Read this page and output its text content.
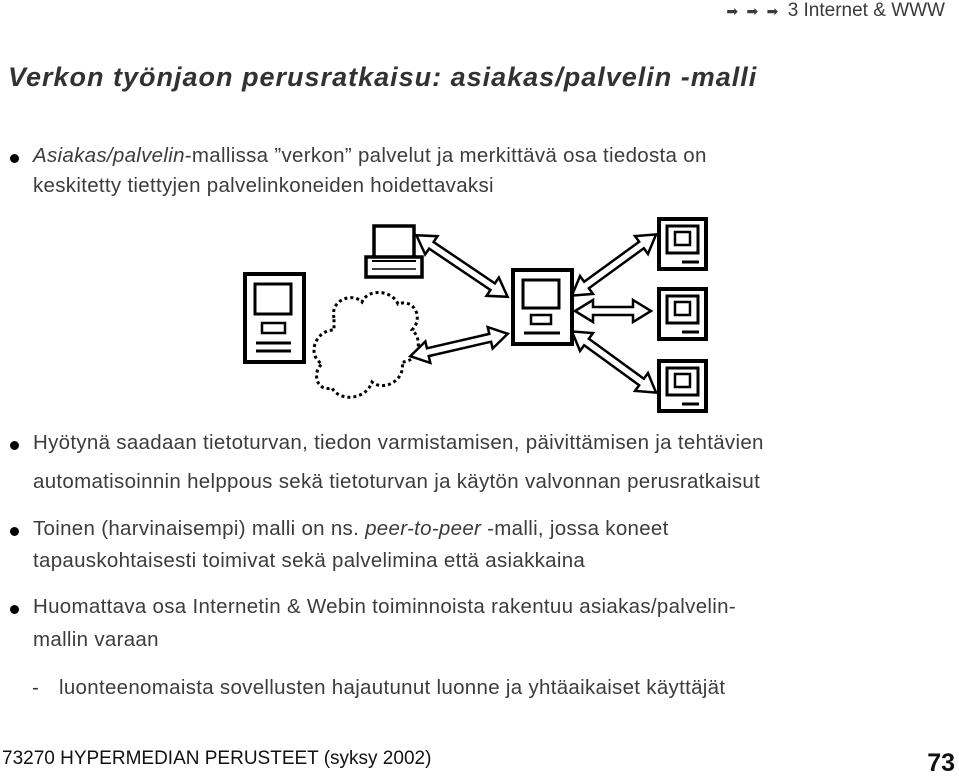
➡ ➡ ➡ 3 Internet & WWW
Verkon työnjaon perusratkaisu: asiakas/palvelin -malli
Asiakas/palvelin-mallissa ”verkon” palvelut ja merkittävä osa tiedosta on
keskitetty tiettyjen palvelinkoneiden hoidettavaksi
Hyötynä saadaan tietoturvan, tiedon varmistamisen, päivittämisen ja tehtävien
automatisoinnin helppous sekä tietoturvan ja käytön valvonnan perusratkaisut
Toinen (harvinaisempi) malli on ns. peer-to-peer -malli, jossa koneet
tapauskohtaisesti toimivat sekä palvelimina että asiakkaina
Huomattava osa Internetin & Webin toiminnoista rakentuu asiakas/palvelin-
mallin varaan
- luonteenomaista sovellusten hajautunut luonne ja yhtäaikaiset käyttäjät
73270 HYPERMEDIAN PERUSTEET (syksy 2002)	73
